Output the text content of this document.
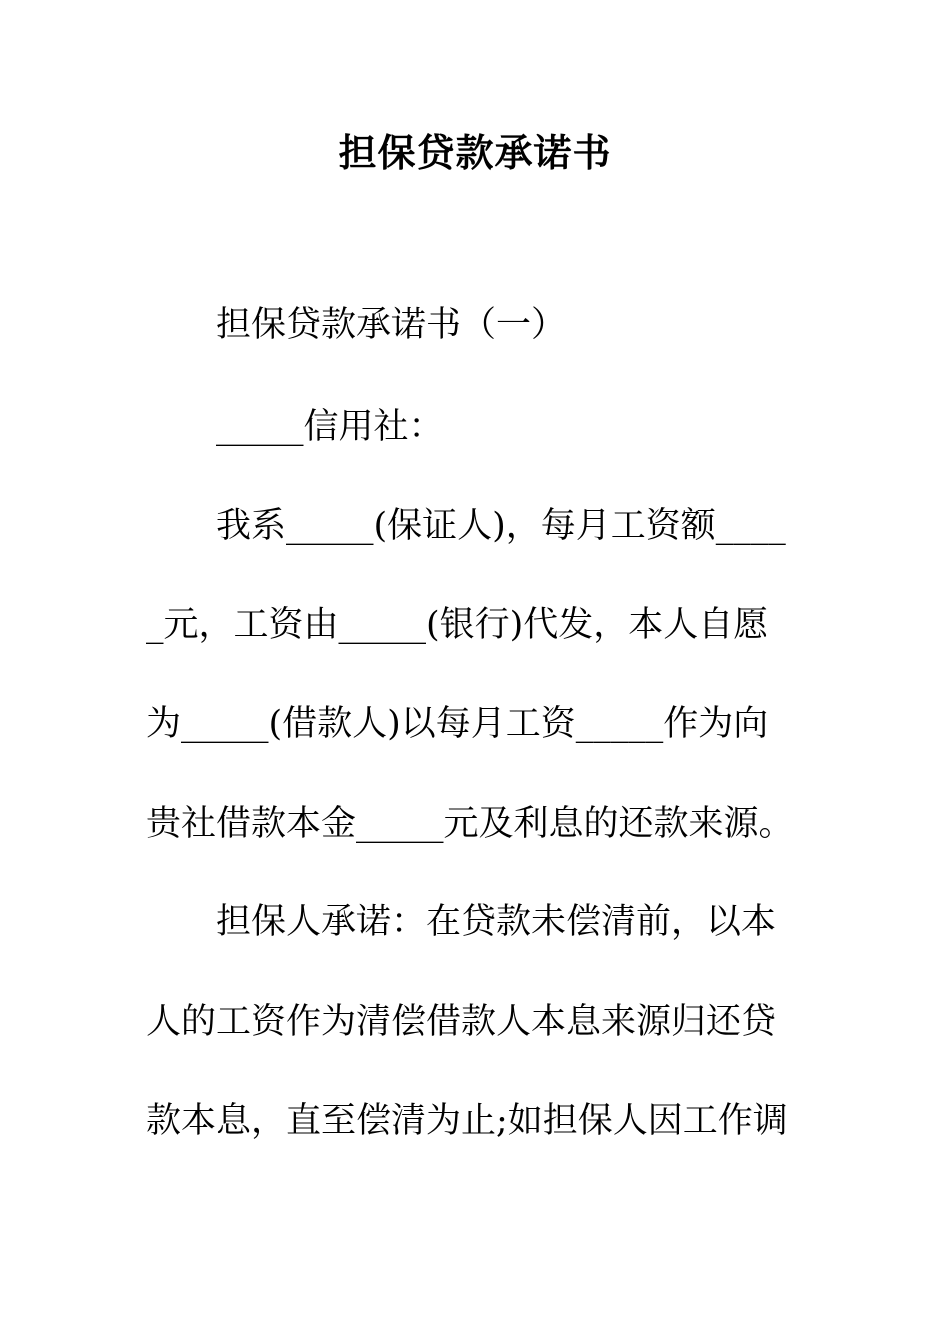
担保贷款承诺书
担保贷款承诺书（一）
_____信用社：
我系_____(保证人)，每月工资额____
_元，工资由_____(银行)代发，本人自愿
为_____(借款人)以每月工资_____作为向
贵社借款本金_____元及利息的还款来源。
担保人承诺：在贷款未偿清前，以本
人的工资作为清偿借款人本息来源归还贷
款本息，直至偿清为止;如担保人因工作调
